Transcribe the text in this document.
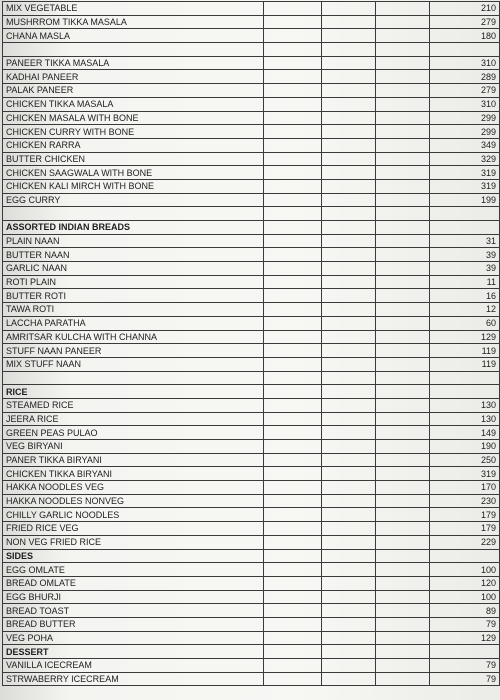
MIX VEGETABLE				210
MUSHRROM TIKKA MASALA				279
CHANA MASLA				180

PANEER TIKKA MASALA				310
KADHAI PANEER				289
PALAK PANEER				279
CHICKEN TIKKA MASALA				310
CHICKEN MASALA WITH BONE				299
CHICKEN CURRY WITH BONE				299
CHICKEN RARRA				349
BUTTER CHICKEN				329
CHICKEN SAAGWALA WITH BONE				319
CHICKEN KALI MIRCH WITH BONE				319
EGG CURRY				199

ASSORTED INDIAN BREADS				
PLAIN NAAN				31
BUTTER NAAN				39
GARLIC NAAN				39
ROTI PLAIN				11
BUTTER ROTI				16
TAWA ROTI				12
LACCHA PARATHA				60
AMRITSAR KULCHA WITH CHANNA				129
STUFF NAAN PANEER				119
MIX STUFF NAAN				119

RICE				
STEAMED RICE				130
JEERA RICE				130
GREEN PEAS PULAO				149
VEG BIRYANI				190
PANER TIKKA BIRYANI				250
CHICKEN TIKKA BIRYANI				319
HAKKA NOODLES VEG				170
HAKKA NOODLES NONVEG				230
CHILLY GARLIC NOODLES				179
FRIED RICE VEG				179
NON VEG FRIED RICE				229
SIDES				
EGG OMLATE				100
BREAD OMLATE				120
EGG BHURJI				100
BREAD TOAST				89
BREAD BUTTER				79
VEG POHA				129
DESSERT				
VANILLA ICECREAM				79
STRWABERRY ICECREAM				79
